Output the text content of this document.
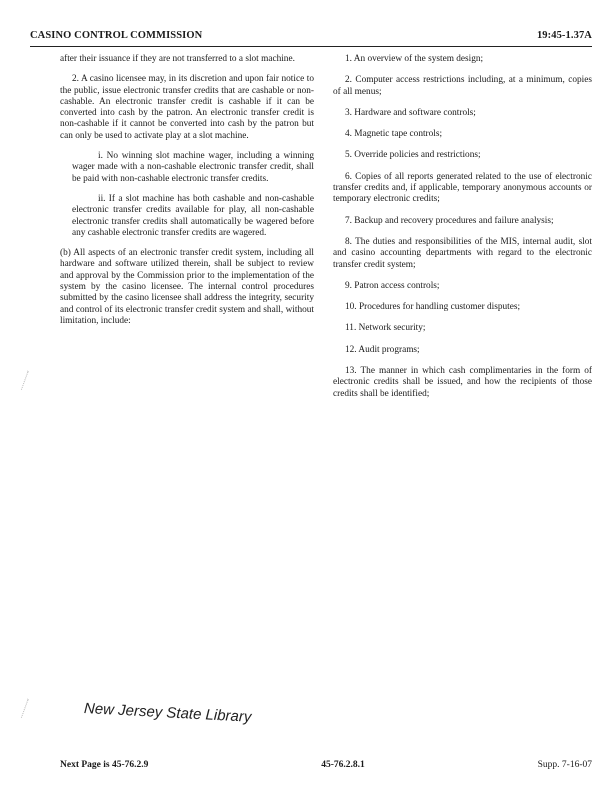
CASINO CONTROL COMMISSION	19:45-1.37A

after their issuance if they are not transferred to a slot machine.

2. A casino licensee may, in its discretion and upon fair notice to the public, issue electronic transfer credits that are cashable or non-cashable. An electronic transfer credit is cashable if it can be converted into cash by the patron. An electronic transfer credit is non-cashable if it cannot be converted into cash by the patron but can only be used to activate play at a slot machine.

i. No winning slot machine wager, including a winning wager made with a non-cashable electronic transfer credit, shall be paid with non-cashable electronic transfer credits.

ii. If a slot machine has both cashable and non-cashable electronic transfer credits available for play, all non-cashable electronic transfer credits shall automatically be wagered before any cashable electronic transfer credits are wagered.

(b) All aspects of an electronic transfer credit system, including all hardware and software utilized therein, shall be subject to review and approval by the Commission prior to the implementation of the system by the casino licensee. The internal control procedures submitted by the casino licensee shall address the integrity, security and control of its electronic transfer credit system and shall, without limitation, include:

1. An overview of the system design;

2. Computer access restrictions including, at a minimum, copies of all menus;

3. Hardware and software controls;

4. Magnetic tape controls;

5. Override policies and restrictions;

6. Copies of all reports generated related to the use of electronic transfer credits and, if applicable, temporary anonymous accounts or temporary electronic credits;

7. Backup and recovery procedures and failure analysis;

8. The duties and responsibilities of the MIS, internal audit, slot and casino accounting departments with regard to the electronic transfer credit system;

9. Patron access controls;

10. Procedures for handling customer disputes;

11. Network security;

12. Audit programs;

13. The manner in which cash complimentaries in the form of electronic credits shall be issued, and how the recipients of those credits shall be identified;

New Jersey State Library
Next Page is 45-76.2.9	45-76.2.8.1	Supp. 7-16-07
